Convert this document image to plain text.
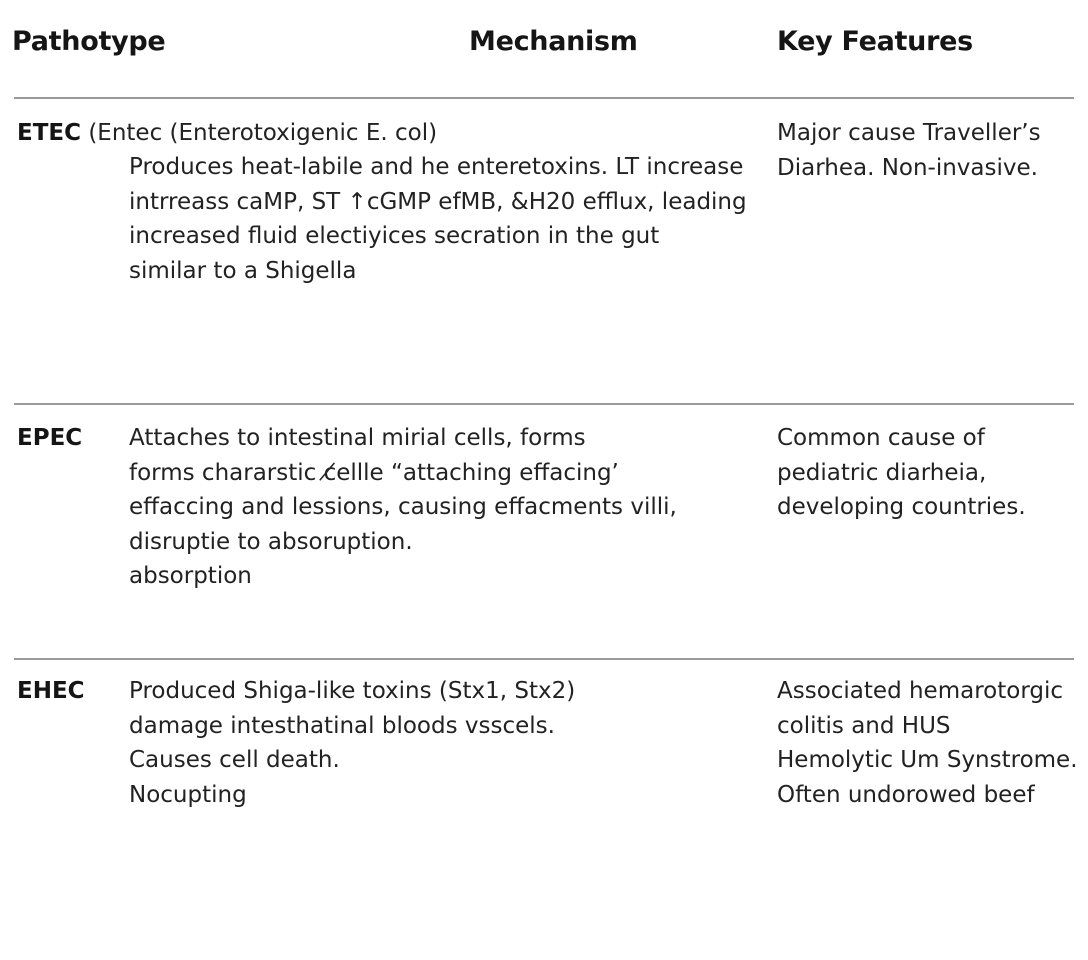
Pathotype	Mechanism	Key Features
ETEC (Entec (Enterotoxigenic E. col)
Produces heat-labile and he enteretoxins. LT increase
intrreass caMP, ST ↑cGMP efMB, &H20 efflux, leading
increased fluid electiyices secration in the gut
similar to a Shigella
Major cause Traveller’s
Diarhea. Non-invasive.
EPEC Attaches to intestinal mirial cells, forms
forms chararstic c̸ellle “attaching effacing’
effaccing and lessions, causing effacments villi,
disruptie to absoruption.
absorption
Common cause of
pediatric diarheia,
developing countries.
EHEC Produced Shiga-like toxins (Stx1, Stx2)
damage intesthatinal bloods vsscels.
Causes cell death.
Nocupting
Associated hemarotorgic
colitis and HUS
Hemolytic Um Synstrome.
Often undorowed beef
